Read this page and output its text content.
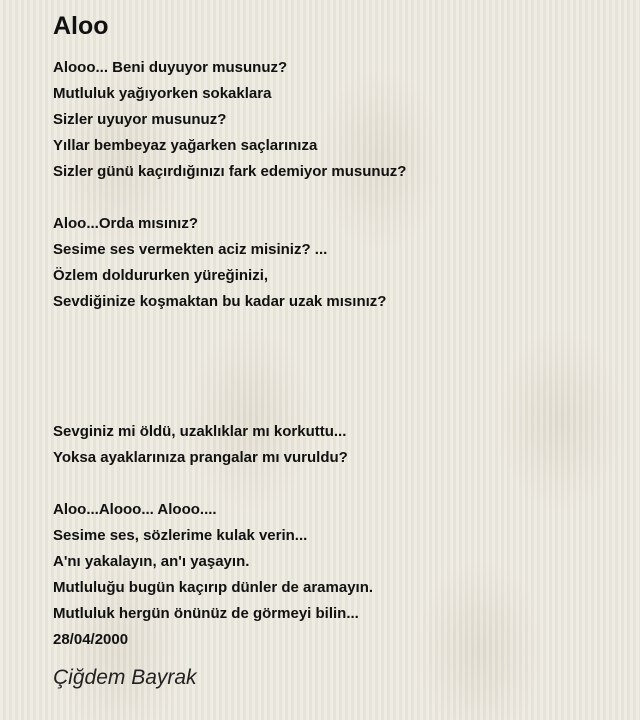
Aloo
Alooo... Beni duyuyor musunuz?
Mutluluk yağıyorken sokaklara
Sizler uyuyor musunuz?
Yıllar bembeyaz yağarken saçlarınıza
Sizler günü kaçırdığınızı fark edemiyor musunuz?
Aloo...Orda mısınız?
Sesime ses vermekten aciz misiniz? ...
Özlem doldururken yüreğinizi,
Sevdiğinize koşmaktan bu kadar uzak mısınız?
Sevginiz mi öldü, uzaklıklar mı korkuttu...
Yoksa ayaklarınıza prangalar mı vuruldu?
Aloo...Alooo... Alooo....
Sesime ses, sözlerime kulak verin...
A'nı yakalayın, an'ı yaşayın.
Mutluluğu bugün kaçırıp dünler de aramayın.
Mutluluk hergün önünüz de görmeyi bilin...
28/04/2000
Çiğdem Bayrak
